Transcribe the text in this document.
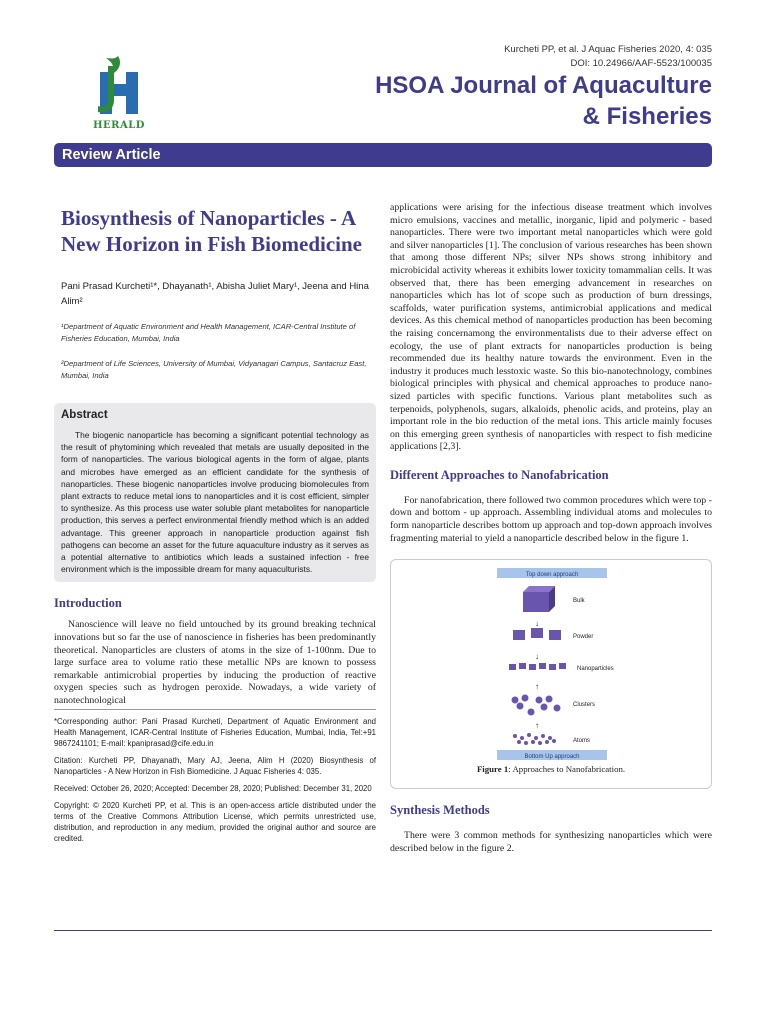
HERALD
Kurcheti PP, et al. J Aquac Fisheries 2020, 4: 035
DOI: 10.24966/AAF-5523/100035
HSOA Journal of Aquaculture & Fisheries
Review Article
Biosynthesis of Nanoparticles - A New Horizon in Fish Biomedicine

Pani Prasad Kurcheti¹*, Dhayanath¹, Abisha Juliet Mary¹, Jeena and Hina Alim²

¹Department of Aquatic Environment and Health Management, ICAR-Central Institute of Fisheries Education, Mumbai, India

²Department of Life Sciences, University of Mumbai, Vidyanagari Campus, Santacruz East, Mumbai, India

Abstract

The biogenic nanoparticle has becoming a significant potential technology as the result of phytomining which revealed that metals are usually deposited in the form of nanoparticles. The various biological agents in the form of algae, plants and microbes have emerged as an efficient candidate for the synthesis of nanoparticles. These biogenic nanoparticles involve producing biomolecules from plant extracts to reduce metal ions to nanoparticles and it is cost efficient, simpler to synthesize. As this process use water soluble plant metabolites for nanoparticle production, this serves a perfect environmental friendly method which is an added advantage. This greener approach in nanoparticle production against fish pathogens can become an asset for the future aquaculture industry as it serves as a potential alternative to antibiotics which leads a sustained infection - free environment which is the impossible dream for many aquaculturists.

Introduction

Nanoscience will leave no field untouched by its ground breaking technical innovations but so far the use of nanoscience in fisheries has been predominantly theoretical. Nanoparticles are clusters of atoms in the size of 1-100nm. Due to large surface area to volume ratio these metallic NPs are known to possess remarkable antimicrobial properties by inducing the production of reactive oxygen species such as hydrogen peroxide. Nowadays, a wide variety of nanotechnological

*Corresponding author: Pani Prasad Kurcheti, Department of Aquatic Environment and Health Management, ICAR-Central Institute of Fisheries Education, Mumbai, India, Tel:+91 9867241101; E-mail: kpaniprasad@cife.edu.in

Citation: Kurcheti PP, Dhayanath, Mary AJ, Jeena, Alim H (2020) Biosynthesis of Nanoparticles - A New Horizon in Fish Biomedicine. J Aquac Fisheries 4: 035.

Received: October 26, 2020; Accepted: December 28, 2020; Published: December 31, 2020

Copyright: © 2020 Kurcheti PP, et al. This is an open-access article distributed under the terms of the Creative Commons Attribution License, which permits unrestricted use, distribution, and reproduction in any medium, provided the original author and source are credited.

applications were arising for the infectious disease treatment which involves micro emulsions, vaccines and metallic, inorganic, lipid and polymeric - based nanoparticles. There were two important metal nanoparticles which were gold and silver nanoparticles [1]. The conclusion of various researches has been shown that among those different NPs; silver NPs shows strong inhibitory and microbicidal activity whereas it exhibits lower toxicity tomammalian cells. It was observed that, there has been emerging advancement in researches on nanoparticles which has lot of scope such as production of burn dressings, scaffolds, water purification systems, antimicrobial applications and medical devices. As this chemical method of nanoparticles production has been becoming the raising concernamong the environmentalists due to their adverse effect on ecology, the use of plant extracts for nanoparticles production is being recommended due its healthy nature towards the environment. Even in the industry it produces much lesstoxic waste. So this bio-nanotechnology, combines biological principles with physical and chemical approaches to produce nano-sized particles with specific functions. Various plant metabolites such as terpenoids, polyphenols, sugars, alkaloids, phenolic acids, and proteins, play an important role in the bio reduction of the metal ions. This article mainly focuses on this emerging green synthesis of nanoparticles with respect to fish medicine applications [2,3].

Different Approaches to Nanofabrication

For nanofabrication, there followed two common procedures which were top - down and bottom - up approach. Assembling individual atoms and molecules to form nanoparticle describes bottom up approach and top-down approach involves fragmenting material to yield a nanoparticle described below in the figure 1.

Top down approach
Bulk
↓
Powder
↓
Nanoparticles
↑
Clusters
↑
Atoms
Bottom Up approach
Figure 1: Approaches to Nanofabrication.
Synthesis Methods

There were 3 common methods for synthesizing nanoparticles which were described below in the figure 2.
